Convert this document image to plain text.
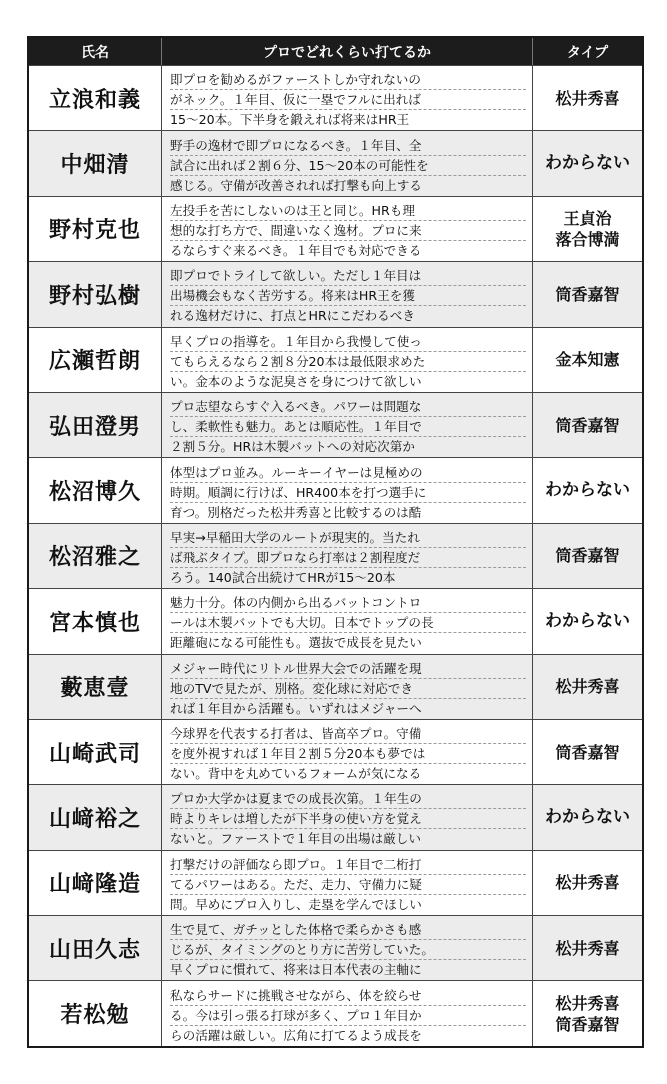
氏名	プロでどれくらい打てるか	タイプ
立浪和義
即プロを勧めるがファーストしか守れないの
がネック。１年目、仮に一塁でフルに出れば
15～20本。下半身を鍛えれば将来はHR王
松井秀喜
中畑清
野手の逸材で即プロになるべき。１年目、全
試合に出れば２割６分、15～20本の可能性を
感じる。守備が改善されれば打撃も向上する
わからない
野村克也
左投手を苦にしないのは王と同じ。HRも理
想的な打ち方で、間違いなく逸材。プロに来
るならすぐ来るべき。１年目でも対応できる
王貞治
落合博満
野村弘樹
即プロでトライして欲しい。ただし１年目は
出場機会もなく苦労する。将来はHR王を獲
れる逸材だけに、打点とHRにこだわるべき
筒香嘉智
広瀬哲朗
早くプロの指導を。１年目から我慢して使っ
てもらえるなら２割８分20本は最低限求めた
い。金本のような泥臭さを身につけて欲しい
金本知憲
弘田澄男
プロ志望ならすぐ入るべき。パワーは問題な
し、柔軟性も魅力。あとは順応性。１年目で
２割５分。HRは木製バットへの対応次第か
筒香嘉智
松沼博久
体型はプロ並み。ルーキーイヤーは見極めの
時期。順調に行けば、HR400本を打つ選手に
育つ。別格だった松井秀喜と比較するのは酷
わからない
松沼雅之
早実→早稲田大学のルートが現実的。当たれ
ば飛ぶタイプ。即プロなら打率は２割程度だ
ろう。140試合出続けてHRが15～20本
筒香嘉智
宮本慎也
魅力十分。体の内側から出るバットコントロ
ールは木製バットでも大切。日本でトップの長
距離砲になる可能性も。選抜で成長を見たい
わからない
藪恵壹
メジャー時代にリトル世界大会での活躍を現
地のTVで見たが、別格。変化球に対応でき
れば１年目から活躍も。いずれはメジャーへ
松井秀喜
山崎武司
今球界を代表する打者は、皆高卒プロ。守備
を度外視すれば１年目２割５分20本も夢では
ない。背中を丸めているフォームが気になる
筒香嘉智
山﨑裕之
プロか大学かは夏までの成長次第。１年生の
時よりキレは増したが下半身の使い方を覚え
ないと。ファーストで１年目の出場は厳しい
わからない
山﨑隆造
打撃だけの評価なら即プロ。１年目で二桁打
てるパワーはある。ただ、走力、守備力に疑
問。早めにプロ入りし、走塁を学んでほしい
松井秀喜
山田久志
生で見て、ガチッとした体格で柔らかさも感
じるが、タイミングのとり方に苦労していた。
早くプロに慣れて、将来は日本代表の主軸に
松井秀喜
若松勉
私ならサードに挑戦させながら、体を絞らせ
る。今は引っ張る打球が多く、プロ１年目か
らの活躍は厳しい。広角に打てるよう成長を
松井秀喜
筒香嘉智
